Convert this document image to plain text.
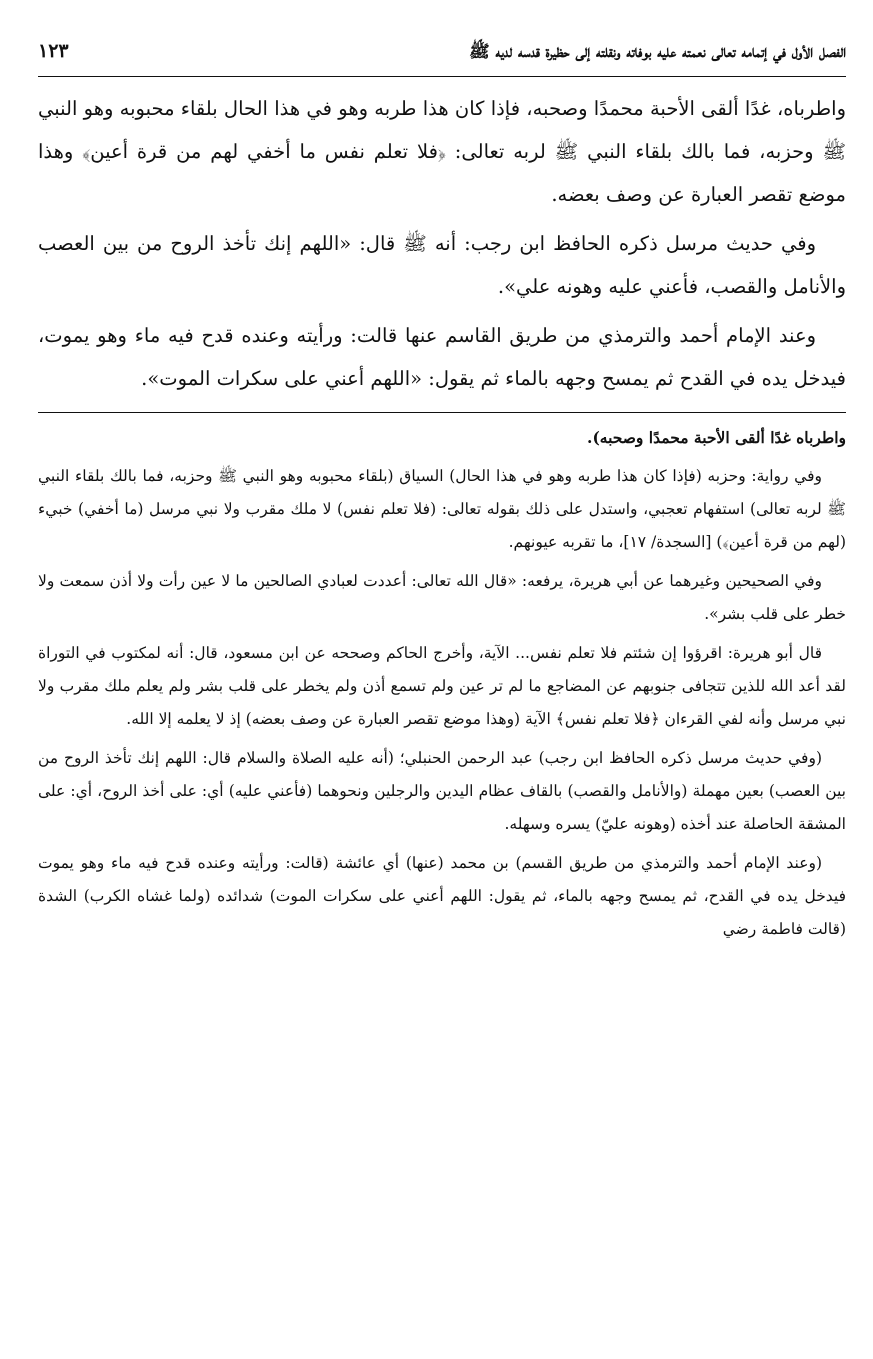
الفصل الأول في إتمامه تعالى نعمته عليه بوفاته ونقلته إلى حظيرة قدسه لديه ﷺ
١٢٣

واطرباه، غدًا ألقى الأحبة محمدًا وصحبه، فإذا كان هذا طربه وهو في هذا الحال بلقاء محبوبه وهو النبي ﷺ وحزبه، فما بالك بلقاء النبي ﷺ لربه تعالى: ﴿فلا تعلم نفس ما أخفي لهم من قرة أعين﴾ وهذا موضع تقصر العبارة عن وصف بعضه.

وفي حديث مرسل ذكره الحافظ ابن رجب: أنه ﷺ قال: «اللهم إنك تأخذ الروح من بين العصب والأنامل والقصب، فأعني عليه وهونه علي».

وعند الإمام أحمد والترمذي من طريق القاسم عنها قالت: ورأيته وعنده قدح فيه ماء وهو يموت، فيدخل يده في القدح ثم يمسح وجهه بالماء ثم يقول: «اللهم أعني على سكرات الموت».

واطرباه غدًا ألقى الأحبة محمدًا وصحبه).

وفي رواية: وحزبه (فإذا كان هذا طربه وهو في هذا الحال) السياق (بلقاء محبوبه وهو النبي ﷺ وحزبه، فما بالك بلقاء النبي ﷺ لربه تعالى) استفهام تعجبي، واستدل على ذلك بقوله تعالى: (فلا تعلم نفس) لا ملك مقرب ولا نبي مرسل (ما أخفي) خبيء (لهم من قرة أعين﴾) [السجدة/ ١٧]، ما تقربه عيونهم.

وفي الصحيحين وغيرهما عن أبي هريرة، يرفعه: «قال الله تعالى: أعددت لعبادي الصالحين ما لا عين رأت ولا أذن سمعت ولا خطر على قلب بشر».

قال أبو هريرة: اقرؤوا إن شئتم فلا تعلم نفس... الآية، وأخرج الحاكم وصححه عن ابن مسعود، قال: أنه لمكتوب في التوراة لقد أعد الله للذين تتجافى جنوبهم عن المضاجع ما لم تر عين ولم تسمع أذن ولم يخطر على قلب بشر ولم يعلم ملك مقرب ولا نبي مرسل وأنه لفي القرءان ﴿فلا تعلم نفس﴾ الآية (وهذا موضع تقصر العبارة عن وصف بعضه) إذ لا يعلمه إلا الله.

(وفي حديث مرسل ذكره الحافظ ابن رجب) عبد الرحمن الحنبلي؛ (أنه عليه الصلاة والسلام قال: اللهم إنك تأخذ الروح من بين العصب) بعين مهملة (والأنامل والقصب) بالقاف عظام اليدين والرجلين ونحوهما (فأعني عليه) أي: على أخذ الروح، أي: على المشقة الحاصلة عند أخذه (وهونه عليّ) يسره وسهله.

(وعند الإمام أحمد والترمذي من طريق القسم) بن محمد (عنها) أي عائشة (قالت: ورأيته وعنده قدح فيه ماء وهو يموت فيدخل يده في القدح، ثم يمسح وجهه بالماء، ثم يقول: اللهم أعني على سكرات الموت) شدائده (ولما غشاه الكرب) الشدة (قالت فاطمة رضي
